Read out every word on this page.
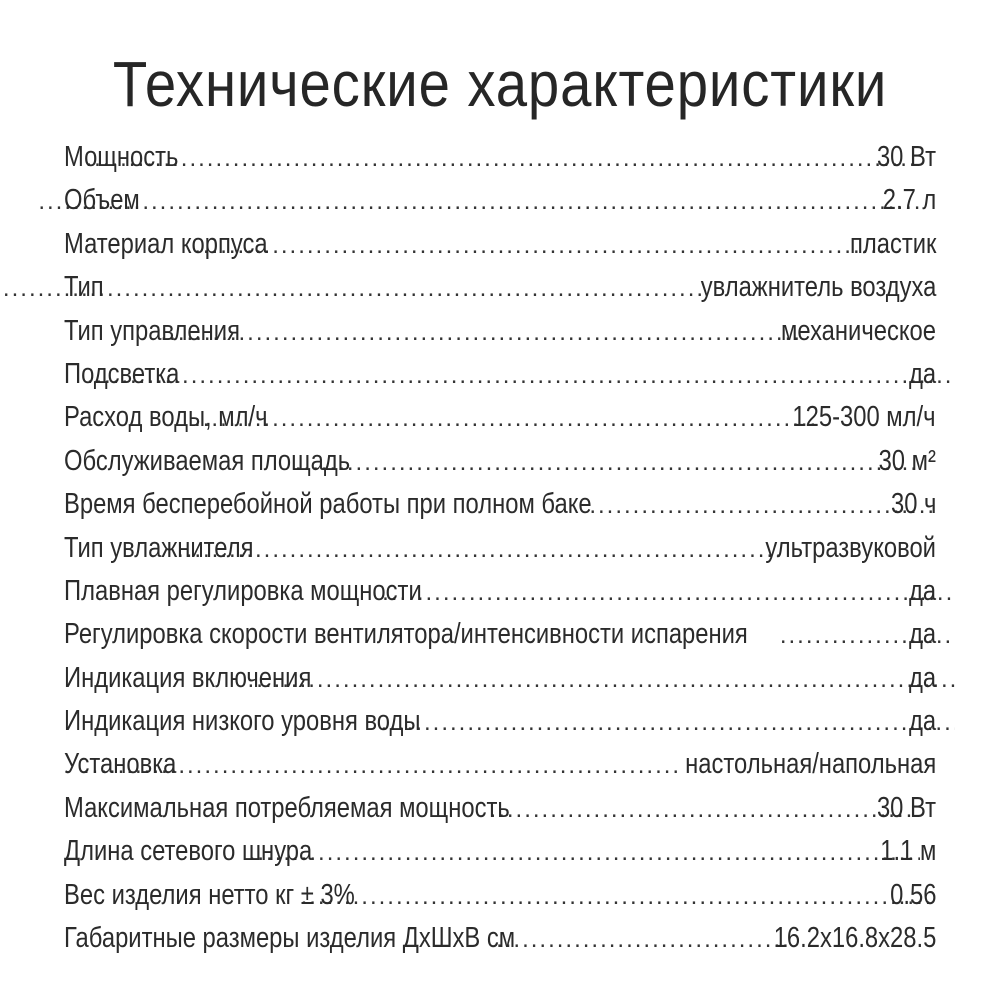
Технические характеристики
Мощность .....	30 Вт
Объем .....	2.7 л
Материал корпуса .....	пластик
Тип .....	увлажнитель воздуха
Тип управления .....	механическое
Подсветка .....	да
Расход воды, мл/ч .....	125-300 мл/ч
Обслуживаемая площадь .....	30 м²
Время бесперебойной работы при полном баке .....	30 ч
Тип увлажнителя .....	ультразвуковой
Плавная регулировка мощности .....	да
Регулировка скорости вентилятора/интенсивности испарения .....	да
Индикация включения .....	да
Индикация низкого уровня воды .....	да
Установка .....	настольная/напольная
Максимальная потребляемая мощность .....	30 Вт
Длина сетевого шнура .....	1.1 м
Вес изделия нетто кг ± 3% .....	0.56
Габаритные размеры изделия ДхШхВ см .....	16.2x16.8x28.5
